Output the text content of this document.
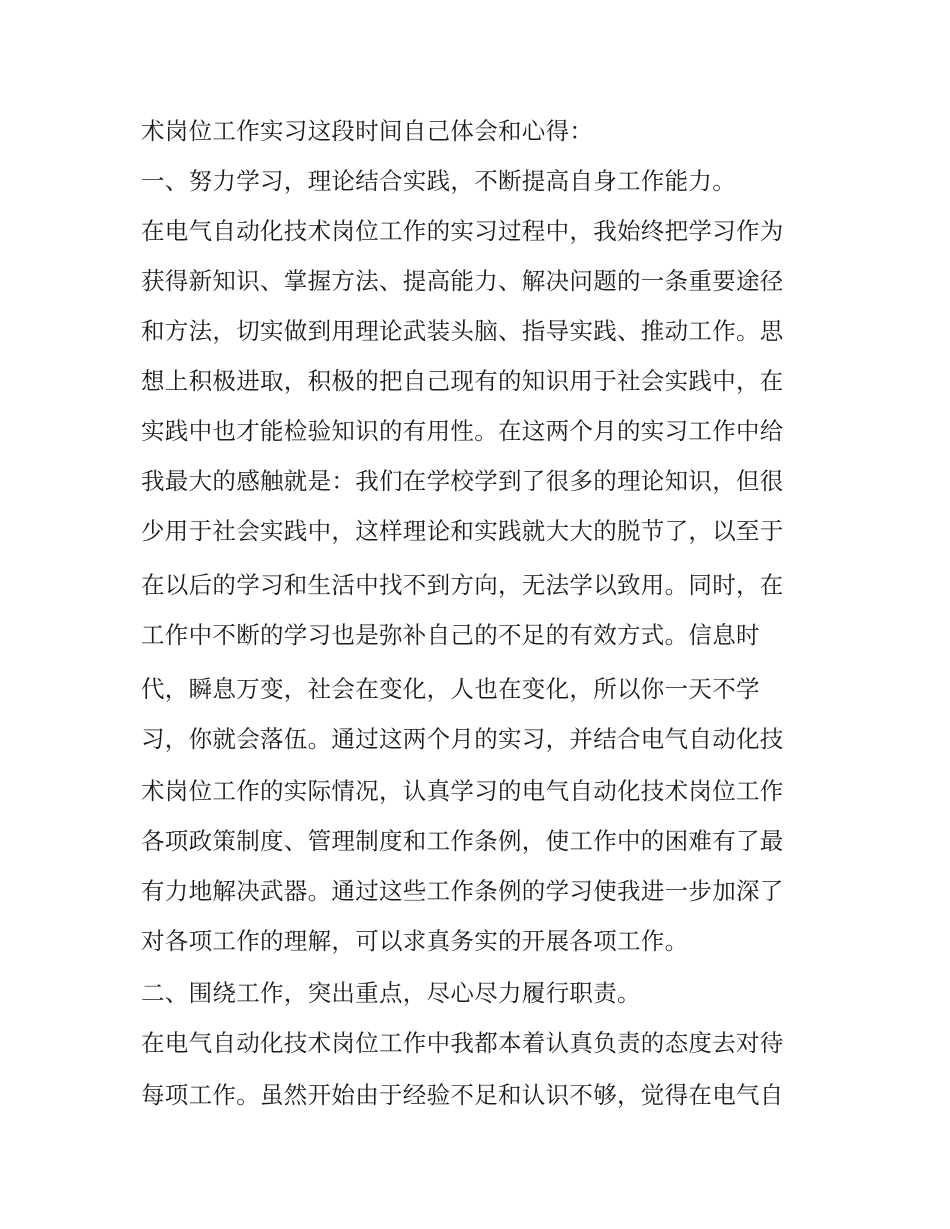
术岗位工作实习这段时间自己体会和心得：
一、努力学习，理论结合实践，不断提高自身工作能力。
在电气自动化技术岗位工作的实习过程中，我始终把学习作为
获得新知识、掌握方法、提高能力、解决问题的一条重要途径
和方法，切实做到用理论武装头脑、指导实践、推动工作。思
想上积极进取，积极的把自己现有的知识用于社会实践中，在
实践中也才能检验知识的有用性。在这两个月的实习工作中给
我最大的感触就是：我们在学校学到了很多的理论知识，但很
少用于社会实践中，这样理论和实践就大大的脱节了，以至于
在以后的学习和生活中找不到方向，无法学以致用。同时，在
工作中不断的学习也是弥补自己的不足的有效方式。信息时
代，瞬息万变，社会在变化，人也在变化，所以你一天不学
习，你就会落伍。通过这两个月的实习，并结合电气自动化技
术岗位工作的实际情况，认真学习的电气自动化技术岗位工作
各项政策制度、管理制度和工作条例，使工作中的困难有了最
有力地解决武器。通过这些工作条例的学习使我进一步加深了
对各项工作的理解，可以求真务实的开展各项工作。
二、围绕工作，突出重点，尽心尽力履行职责。
在电气自动化技术岗位工作中我都本着认真负责的态度去对待
每项工作。虽然开始由于经验不足和认识不够，觉得在电气自
